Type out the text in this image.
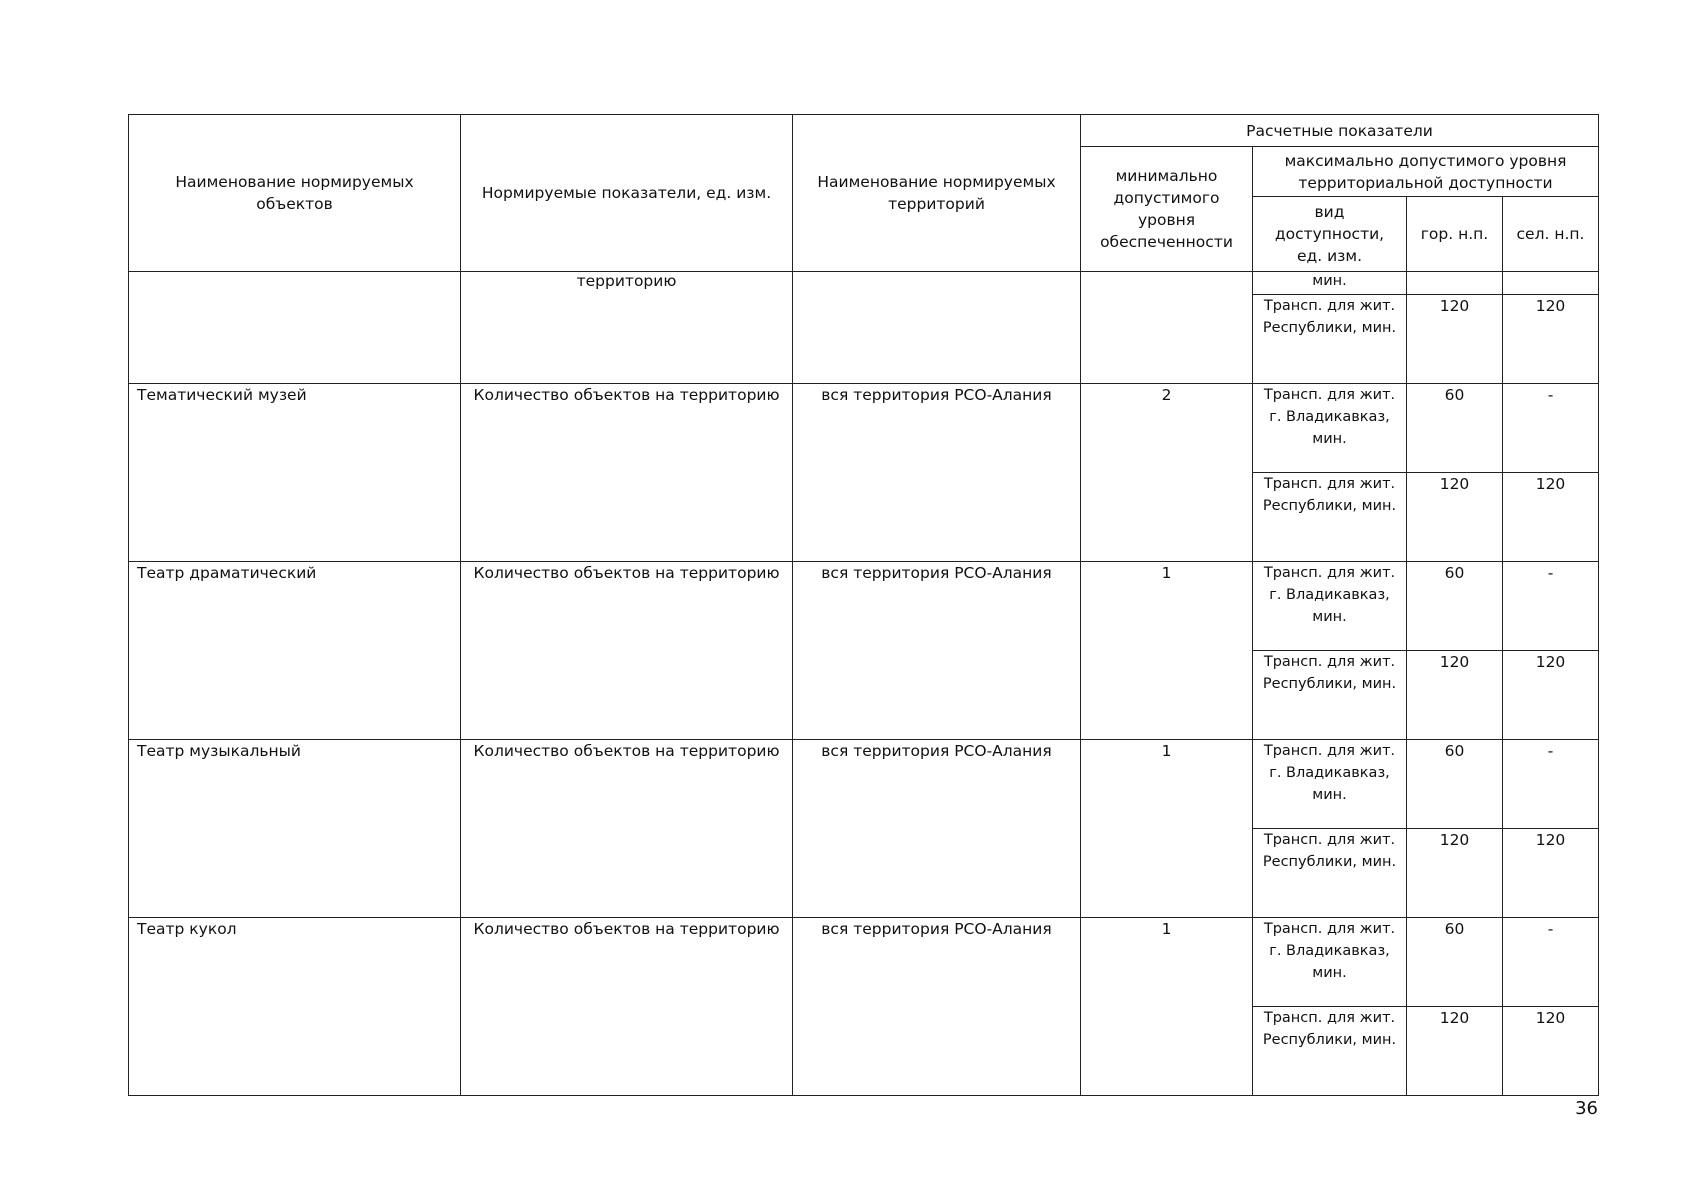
Наименование нормируемых объектов	Нормируемые показатели, ед. изм.	Наименование нормируемых территорий	Расчетные показатели			
			минимально допустимого уровня обеспеченности	максимально допустимого уровня территориальной доступности		
				вид доступности, ед. изм.	гор. н.п.	сел. н.п.
	территорию			мин.		
				Трансп. для жит. Республики, мин.	120	120
Тематический музей	Количество объектов на территорию	вся территория РСО-Алания	2	Трансп. для жит. г. Владикавказ, мин.	60	-
				Трансп. для жит. Республики, мин.	120	120
Театр драматический	Количество объектов на территорию	вся территория РСО-Алания	1	Трансп. для жит. г. Владикавказ, мин.	60	-
				Трансп. для жит. Республики, мин.	120	120
Театр музыкальный	Количество объектов на территорию	вся территория РСО-Алания	1	Трансп. для жит. г. Владикавказ, мин.	60	-
				Трансп. для жит. Республики, мин.	120	120
Театр кукол	Количество объектов на территорию	вся территория РСО-Алания	1	Трансп. для жит. г. Владикавказ, мин.	60	-
				Трансп. для жит. Республики, мин.	120	120
36
